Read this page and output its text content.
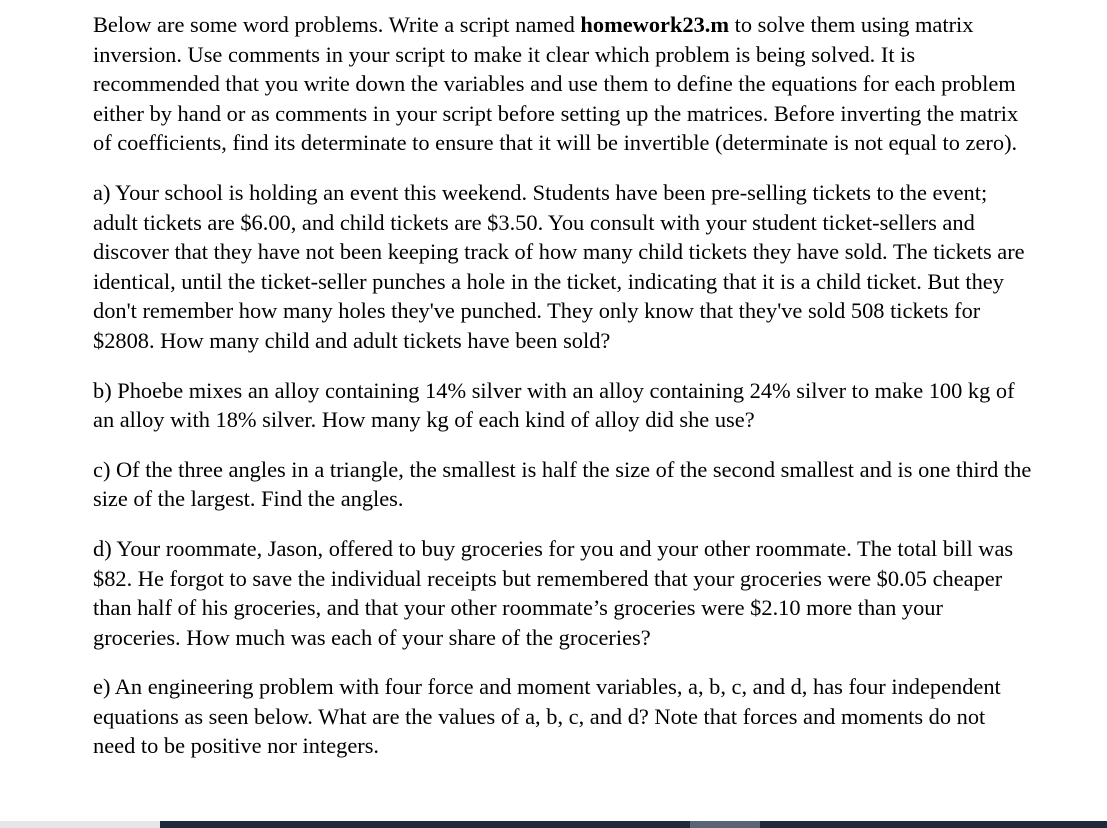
Below are some word problems. Write a script named homework23.m to solve them using matrix inversion. Use comments in your script to make it clear which problem is being solved. It is recommended that you write down the variables and use them to define the equations for each problem either by hand or as comments in your script before setting up the matrices. Before inverting the matrix of coefficients, find its determinate to ensure that it will be invertible (determinate is not equal to zero).

a) Your school is holding an event this weekend. Students have been pre-selling tickets to the event; adult tickets are $6.00, and child tickets are $3.50. You consult with your student ticket-sellers and discover that they have not been keeping track of how many child tickets they have sold. The tickets are identical, until the ticket-seller punches a hole in the ticket, indicating that it is a child ticket. But they don't remember how many holes they've punched. They only know that they've sold 508 tickets for $2808. How many child and adult tickets have been sold?

b) Phoebe mixes an alloy containing 14% silver with an alloy containing 24% silver to make 100 kg of an alloy with 18% silver. How many kg of each kind of alloy did she use?

c) Of the three angles in a triangle, the smallest is half the size of the second smallest and is one third the size of the largest. Find the angles.

d) Your roommate, Jason, offered to buy groceries for you and your other roommate. The total bill was $82. He forgot to save the individual receipts but remembered that your groceries were $0.05 cheaper than half of his groceries, and that your other roommate’s groceries were $2.10 more than your groceries. How much was each of your share of the groceries?

e) An engineering problem with four force and moment variables, a, b, c, and d, has four independent equations as seen below. What are the values of a, b, c, and d? Note that forces and moments do not need to be positive nor integers.
